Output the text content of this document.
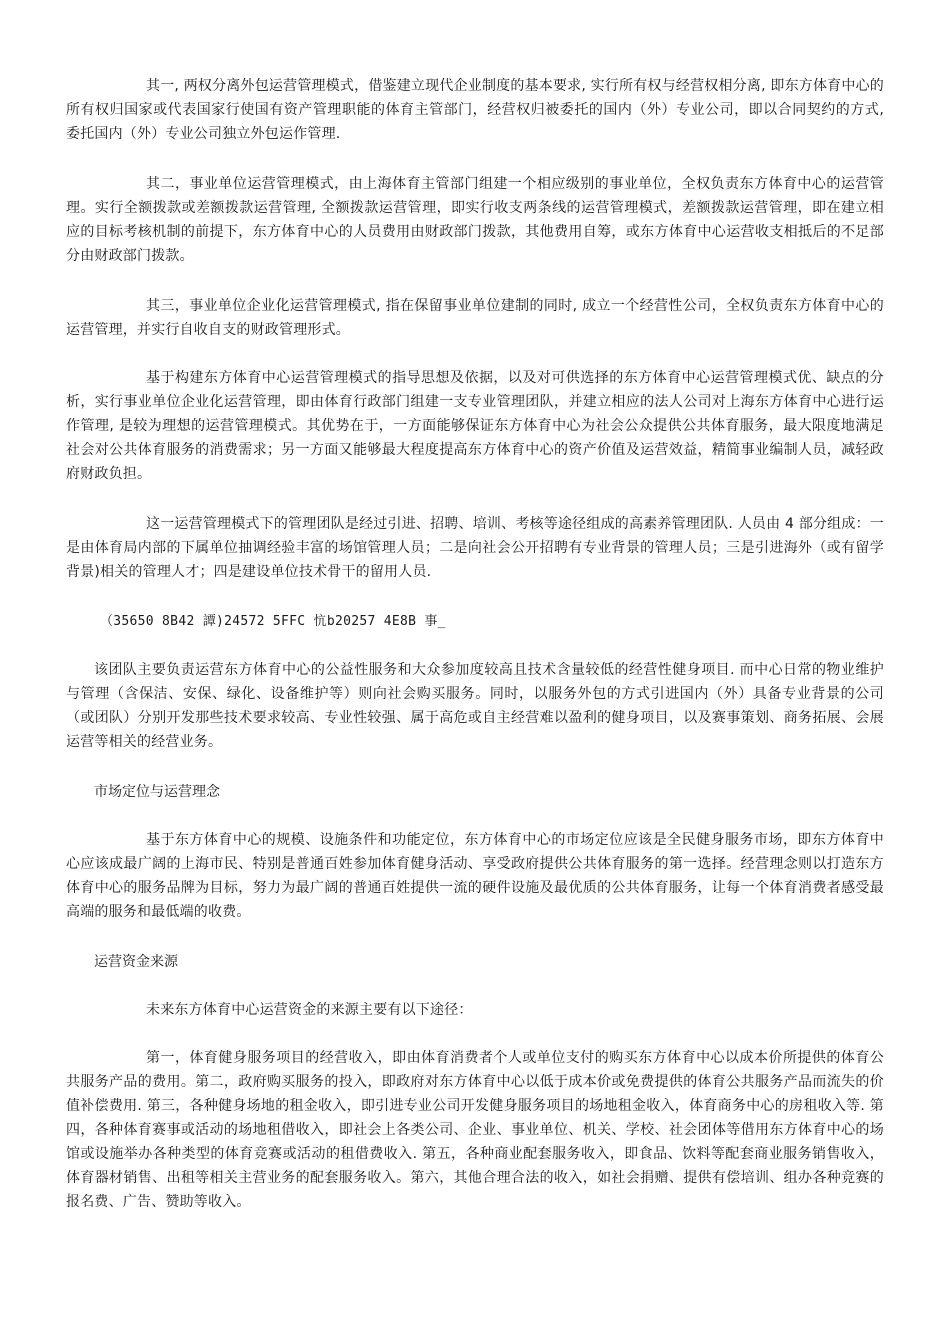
其一, 两权分离外包运营管理模式，借鉴建立现代企业制度的基本要求, 实行所有权与经营权相分离, 即东方体育中心的所有权归国家或代表国家行使国有资产管理职能的体育主管部门，经营权归被委托的国内（外）专业公司，即以合同契约的方式, 委托国内（外）专业公司独立外包运作管理.

其二，事业单位运营管理模式，由上海体育主管部门组建一个相应级别的事业单位，全权负责东方体育中心的运营管理。实行全额拨款或差额拨款运营管理, 全额拨款运营管理，即实行收支两条线的运营管理模式，差额拨款运营管理，即在建立相应的目标考核机制的前提下，东方体育中心的人员费用由财政部门拨款，其他费用自筹，或东方体育中心运营收支相抵后的不足部分由财政部门拨款。

其三，事业单位企业化运营管理模式, 指在保留事业单位建制的同时, 成立一个经营性公司，全权负责东方体育中心的运营管理，并实行自收自支的财政管理形式。

基于构建东方体育中心运营管理模式的指导思想及依据，以及对可供选择的东方体育中心运营管理模式优、缺点的分析，实行事业单位企业化运营管理，即由体育行政部门组建一支专业管理团队，并建立相应的法人公司对上海东方体育中心进行运作管理, 是较为理想的运营管理模式。其优势在于，一方面能够保证东方体育中心为社会公众提供公共体育服务，最大限度地满足社会对公共体育服务的消费需求；另一方面又能够最大程度提高东方体育中心的资产价值及运营效益，精简事业编制人员，减轻政府财政负担。

这一运营管理模式下的管理团队是经过引进、招聘、培训、考核等途径组成的高素养管理团队. 人员由 4 部分组成：一是由体育局内部的下属单位抽调经验丰富的场馆管理人员；二是向社会公开招聘有专业背景的管理人员；三是引进海外（或有留学背景)相关的管理人才；四是建设单位技术骨干的留用人员.

（35650 8B42 譚)24572 5FFC 忼b20257 4E8B 事_

该团队主要负责运营东方体育中心的公益性服务和大众参加度较高且技术含量较低的经营性健身项目. 而中心日常的物业维护与管理（含保洁、安保、绿化、设备维护等）则向社会购买服务。同时，以服务外包的方式引进国内（外）具备专业背景的公司（或团队）分别开发那些技术要求较高、专业性较强、属于高危或自主经营难以盈利的健身项目，以及赛事策划、商务拓展、会展运营等相关的经营业务。

市场定位与运营理念

基于东方体育中心的规模、设施条件和功能定位，东方体育中心的市场定位应该是全民健身服务市场，即东方体育中心应该成最广阔的上海市民、特别是普通百姓参加体育健身活动、享受政府提供公共体育服务的第一选择。经营理念则以打造东方体育中心的服务品牌为目标，努力为最广阔的普通百姓提供一流的硬件设施及最优质的公共体育服务，让每一个体育消费者感受最高端的服务和最低端的收费。

运营资金来源

未来东方体育中心运营资金的来源主要有以下途径：

第一，体育健身服务项目的经营收入，即由体育消费者个人或单位支付的购买东方体育中心以成本价所提供的体育公共服务产品的费用。第二，政府购买服务的投入，即政府对东方体育中心以低于成本价或免费提供的体育公共服务产品而流失的价值补偿费用. 第三，各种健身场地的租金收入，即引进专业公司开发健身服务项目的场地租金收入，体育商务中心的房租收入等. 第四，各种体育赛事或活动的场地租借收入，即社会上各类公司、企业、事业单位、机关、学校、社会团体等借用东方体育中心的场馆或设施举办各种类型的体育竞赛或活动的租借费收入. 第五，各种商业配套服务收入，即食品、饮料等配套商业服务销售收入，体育器材销售、出租等相关主营业务的配套服务收入。第六，其他合理合法的收入，如社会捐赠、提供有偿培训、组办各种竞赛的报名费、广告、赞助等收入。
